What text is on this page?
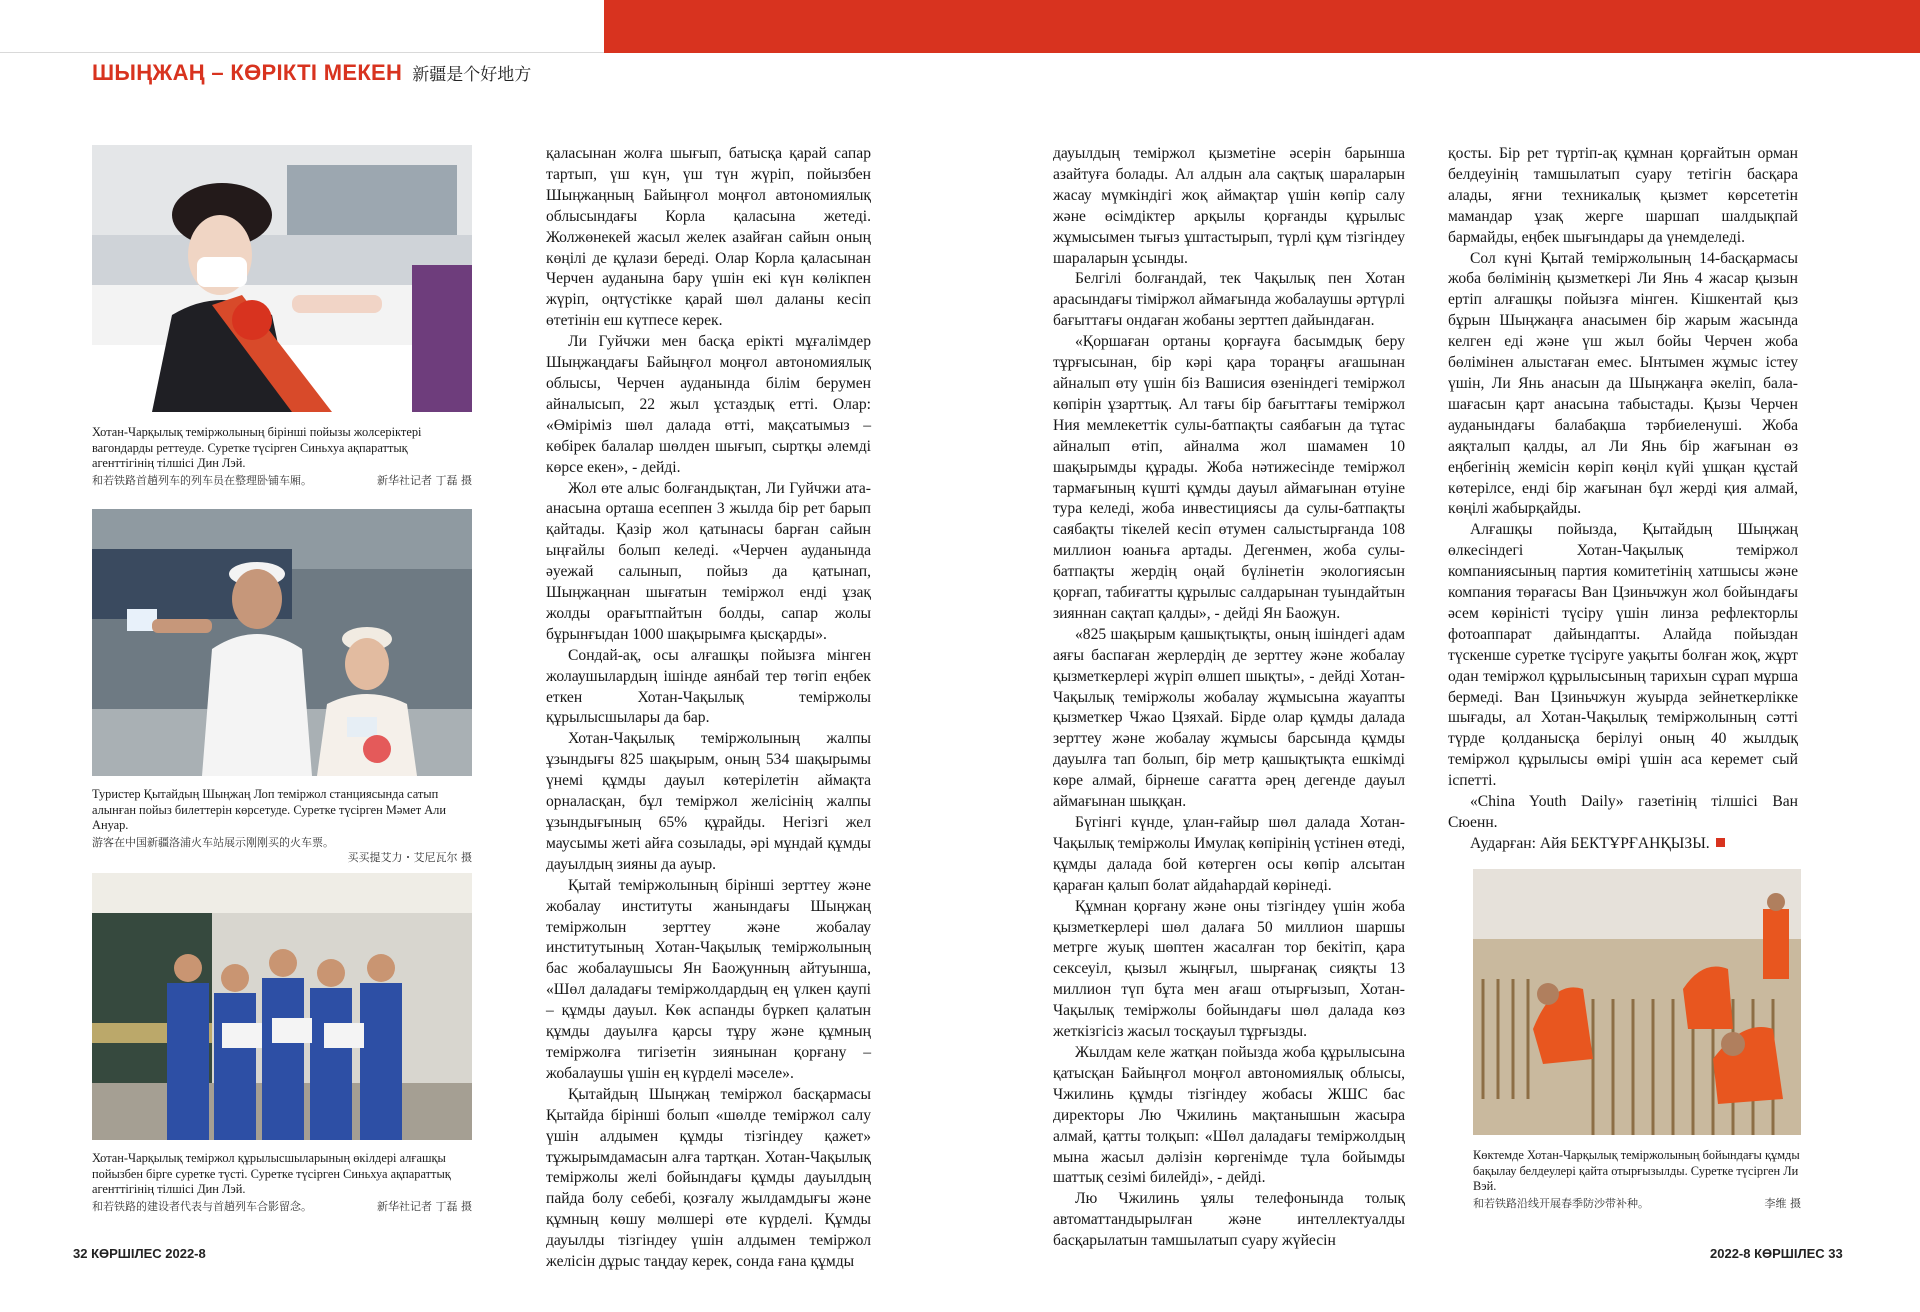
ШЫҢЖАҢ – КӨРІКТІ МЕКЕН 新疆是个好地方

Хотан-Чарқылық теміржолының бірінші пойызы жолсеріктері вагондарды реттеуде. Суретке түсірген Синьхуа ақпараттық агенттігінің тілшісі Дин Лэй.

和若铁路首趟列车的列车员在整理卧铺车厢。	新华社记者 丁磊 摄

Туристер Қытайдың Шыңжаң Лоп теміржол станциясында сатып алынған пойыз билеттерін көрсетуде. Суретке түсірген Мәмет Али Ануар.

游客在中国新疆洛浦火车站展示刚刚买的火车票。

买买提艾力・艾尼瓦尔 摄

Хотан-Чарқылық теміржол құрылысшыларының өкілдері алғашқы пойызбен бірге суретке түсті. Суретке түсірген Синьхуа ақпараттық агенттігінің тілшісі Дин Лэй.

和若铁路的建设者代表与首趟列车合影留念。	新华社记者 丁磊 摄

қаласынан жолға шығып, батысқа қарай сапар тартып, үш күн, үш түн жүріп, пойызбен Шыңжаңның Байыңғол моңғол автономиялық облысындағы Корла қаласына жетеді. Жолжөнекей жасыл желек азайған сайын оның көңілі де құлази береді. Олар Корла қаласынан Черчен ауданына бару үшін екі күн көлікпен жүріп, оңтүстікке қарай шөл даланы кесіп өтетінін еш күтпесе керек.

Ли Гуйчжи мен басқа ерікті мұғалімдер Шыңжаңдағы Байыңғол моңғол автономиялық облысы, Черчен ауданында білім берумен айналысып, 22 жыл ұстаздық етті. Олар: «Өміріміз шөл далада өтті, мақсатымыз – көбірек балалар шөлден шығып, сыртқы әлемді көрсе екен», - дейді.

Жол өте алыс болғандықтан, Ли Гуйчжи ата-анасына орташа есеппен 3 жылда бір рет барып қайтады. Қазір жол қатынасы барған сайын ыңғайлы болып келеді. «Черчен ауданында әуежай салынып, пойыз да қатынап, Шыңжаңнан шығатын теміржол енді ұзақ жолды орағытпайтын болды, сапар жолы бұрынғыдан 1000 шақырымға қысқарды».

Сондай-ақ, осы алғашқы пойызға мінген жолаушылардың ішінде аянбай тер төгіп еңбек еткен Хотан-Чақылық теміржолы құрылысшылары да бар.

Хотан-Чақылық теміржолының жалпы ұзындығы 825 шақырым, оның 534 шақырымы үнемі құмды дауыл көтерілетін аймақта орналасқан, бұл теміржол желісінің жалпы ұзындығының 65% құрайды. Негізгі жел маусымы жеті айға созылады, әрі мұндай құмды дауылдың зияны да ауыр.

Қытай теміржолының бірінші зерттеу және жобалау институты жанындағы Шыңжаң теміржолын зерттеу және жобалау институтының Хотан-Чақылық теміржолының бас жобалаушысы Ян Баоҗунның айтуынша, «Шөл даладағы теміржолдардың ең үлкен қаупі – құмды дауыл. Көк аспанды бүркеп қалатын құмды дауылға қарсы тұру және құмның теміржолға тигізетін зиянынан қорғану – жобалаушы үшін ең күрделі мәселе».

Қытайдың Шыңжаң теміржол басқармасы Қытайда бірінші болып «шөлде теміржол салу үшін алдымен құмды тізгіндеу қажет» тұжырымдамасын алға тартқан. Хотан-Чақылық теміржолы желі бойындағы құмды дауылдың пайда болу себебі, қозғалу жылдамдығы және құмның көшу мөлшері өте күрделі. Құмды дауылды тізгіндеу үшін алдымен теміржол желісін дұрыс таңдау керек, сонда ғана құмды

дауылдың теміржол қызметіне әсерін барынша азайтуға болады. Ал алдын ала сақтық шараларын жасау мүмкіндігі жоқ аймақтар үшін көпір салу және өсімдіктер арқылы қорғанды құрылыс жұмысымен тығыз ұштастырып, түрлі құм тізгіндеу шараларын ұсынды.

Белгілі болғандай, тек Чақылық пен Хотан арасындағы тіміржол аймағында жобалаушы әртүрлі бағыттағы ондаған жобаны зерттеп дайындаған.

«Қоршаған ортаны қорғауға басымдық беру тұрғысынан, бір кәрі қара тораңғы ағашынан айналып өту үшін біз Вашисия өзеніндегі теміржол көпірін ұзарттық. Ал тағы бір бағыттағы теміржол Ния мемлекеттік сулы-батпақты саябағын да тұтас айналып өтіп, айналма жол шамамен 10 шақырымды құрады. Жоба нәтижесінде теміржол тармағының күшті құмды дауыл аймағынан өтуіне тура келеді, жоба инвестициясы да сулы-батпақты саябақты тікелей кесіп өтумен салыстырғанда 108 миллион юаньға артады. Дегенмен, жоба сулы-батпақты жердің оңай бүлінетін экологиясын қорғап, табиғатты құрылыс салдарынан туындайтын зияннан сақтап қалды», - дейді Ян Баоҗун.

«825 шақырым қашықтықты, оның ішіндегі адам аяғы баспаған жерлердің де зерттеу және жобалау қызметкерлері жүріп өлшеп шықты», - дейді Хотан-Чақылық теміржолы жобалау жұмысына жауапты қызметкер Чжао Цзяхай. Бірде олар құмды далада зерттеу және жобалау жұмысы барсында құмды дауылға тап болып, бір метр қашықтықта ешкімді көре алмай, бірнеше сағатта әрең дегенде дауыл аймағынан шыққан.

Бүгінгі күнде, ұлан-ғайыр шөл далада Хотан-Чақылық теміржолы Имулақ көпірінің үстінен өтеді, құмды далада бой көтерген осы көпір алсытан қараған қалып болат айдаһардай көрінеді.

Құмнан қорғану және оны тізгіндеу үшін жоба қызметкерлері шөл далаға 50 миллион шаршы метрге жуық шөптен жасалған тор бекітіп, қара сексеуіл, қызыл жыңғыл, шырғанақ сияқты 13 миллион түп бұта мен ағаш отырғызып, Хотан-Чақылық теміржолы бойындағы шөл далада көз жеткізгісіз жасыл тосқауыл тұрғызды.

Жылдам келе жатқан пойызда жоба құрылысына қатысқан Байыңғол моңғол автономиялық облысы, Чжилинь құмды тізгіндеу жобасы ЖШС бас директоры Лю Чжилинь мақтанышын жасыра алмай, қатты толқып: «Шөл даладағы теміржолдың мына жасыл дәлізін көргенімде тұла бойымды шаттық сезімі билейді», - дейді.

Лю Чжилинь ұялы телефонында толық автоматтандырылған және интеллектуалды басқарылатын тамшылатып суару жүйесін

қосты. Бір рет түртіп-ақ құмнан қорғайтын орман белдеуінің тамшылатып суару тетігін басқара алады, яғни техникалық қызмет көрсететін мамандар ұзақ жерге шаршап шалдықпай бармайды, еңбек шығындары да үнемделеді.

Сол күні Қытай теміржолының 14-басқармасы жоба бөлімінің қызметкері Ли Янь 4 жасар қызын ертіп алғашқы пойызға мінген. Кішкентай қыз бұрын Шыңжаңға анасымен бір жарым жасында келген еді және үш жыл бойы Черчен жоба бөлімінен алыстаған емес. Ынтымен жұмыс істеу үшін, Ли Янь анасын да Шыңжаңға әкеліп, бала-шағасын қарт анасына табыстады. Қызы Черчен ауданындағы балабақша тәрбиеленуші. Жоба аяқталып қалды, ал Ли Янь бір жағынан өз еңбегінің жемісін көріп көңіл күйі ұшқан құстай көтерілсе, енді бір жағынан бұл жерді қия алмай, көңілі жабырқайды.

Алғашқы пойызда, Қытайдың Шыңжаң өлкесіндегі Хотан-Чақылық теміржол компаниясының партия комитетінің хатшысы және компания төрағасы Ван Цзиньчжун жол бойындағы әсем көріністі түсіру үшін линза рефлекторлы фотоаппарат дайындапты. Алайда пойыздан түскенше суретке түсіруге уақыты болған жоқ, жұрт одан теміржол құрылысының тарихын сұрап мұрша бермеді. Ван Цзиньчжун жуырда зейнеткерлікке шығады, ал Хотан-Чақылық теміржолының сәтті түрде қолданысқа берілуі оның 40 жылдық теміржол құрылысы өмірі үшін аса керемет сый іспетті.

«China Youth Daily» газетінің тілшісі Ван Сюенн.

Аударған: Айя БЕКТҰРҒАНҚЫЗЫ.

Көктемде Хотан-Чарқылық теміржолының бойындағы құмды бақылау белдеулері қайта отырғызылды. Суретке түсірген Ли Вэй.

和若铁路沿线开展春季防沙带补种。	李维 摄
32 КӨРШІЛЕС 2022-8	2022-8 КӨРШІЛЕС 33
